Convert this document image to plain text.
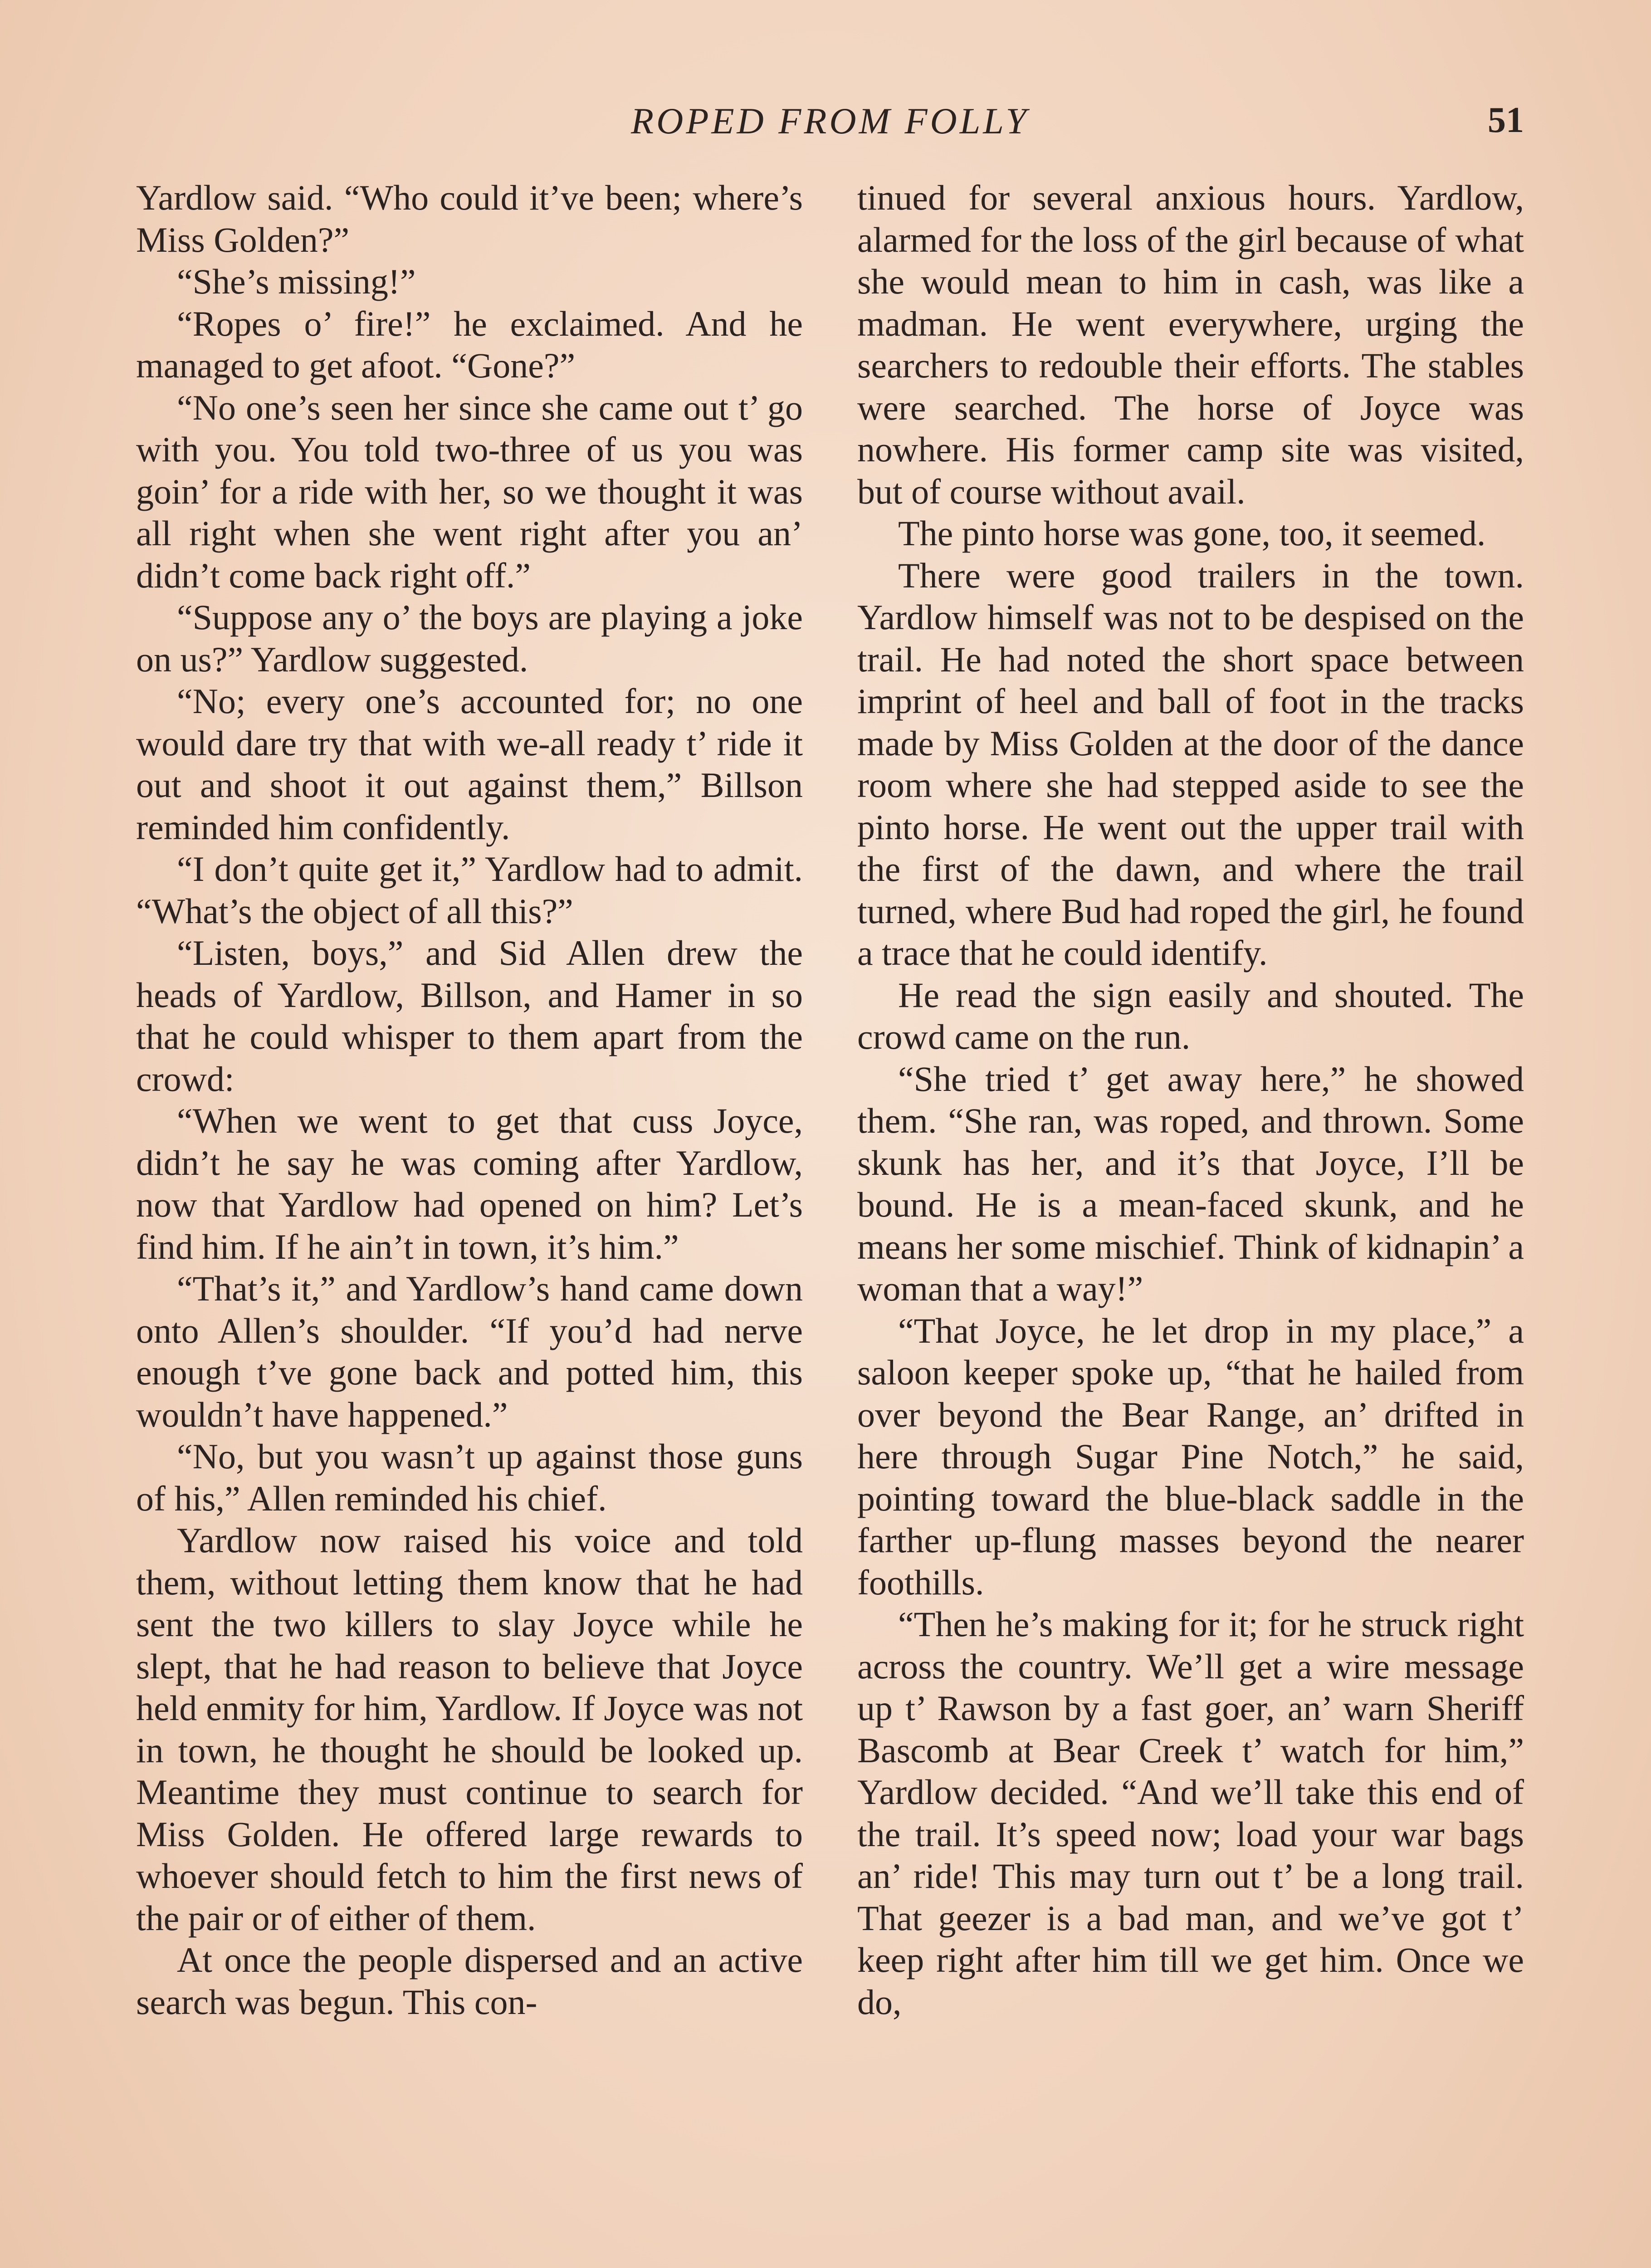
ROPED FROM FOLLY	51

Yardlow said. “Who could it’ve been; where’s Miss Golden?”

“She’s missing!”

“Ropes o’ fire!” he exclaimed. And he managed to get afoot. “Gone?”

“No one’s seen her since she came out t’ go with you. You told two-three of us you was goin’ for a ride with her, so we thought it was all right when she went right after you an’ didn’t come back right off.”

“Suppose any o’ the boys are playing a joke on us?” Yardlow suggested.

“No; every one’s accounted for; no one would dare try that with we-all ready t’ ride it out and shoot it out against them,” Billson reminded him confidently.

“I don’t quite get it,” Yardlow had to admit. “What’s the object of all this?”

“Listen, boys,” and Sid Allen drew the heads of Yardlow, Billson, and Hamer in so that he could whisper to them apart from the crowd:

“When we went to get that cuss Joyce, didn’t he say he was coming after Yardlow, now that Yardlow had opened on him? Let’s find him. If he ain’t in town, it’s him.”

“That’s it,” and Yardlow’s hand came down onto Allen’s shoulder. “If you’d had nerve enough t’ve gone back and potted him, this wouldn’t have happened.”

“No, but you wasn’t up against those guns of his,” Allen reminded his chief.

Yardlow now raised his voice and told them, without letting them know that he had sent the two killers to slay Joyce while he slept, that he had reason to believe that Joyce held enmity for him, Yardlow. If Joyce was not in town, he thought he should be looked up. Meantime they must continue to search for Miss Golden. He offered large rewards to whoever should fetch to him the first news of the pair or of either of them.

At once the people dispersed and an active search was begun. This con-

tinued for several anxious hours. Yardlow, alarmed for the loss of the girl because of what she would mean to him in cash, was like a madman. He went everywhere, urging the searchers to redouble their efforts. The stables were searched. The horse of Joyce was nowhere. His former camp site was visited, but of course without avail.

The pinto horse was gone, too, it seemed.

There were good trailers in the town. Yardlow himself was not to be despised on the trail. He had noted the short space between imprint of heel and ball of foot in the tracks made by Miss Golden at the door of the dance room where she had stepped aside to see the pinto horse. He went out the upper trail with the first of the dawn, and where the trail turned, where Bud had roped the girl, he found a trace that he could identify.

He read the sign easily and shouted. The crowd came on the run.

“She tried t’ get away here,” he showed them. “She ran, was roped, and thrown. Some skunk has her, and it’s that Joyce, I’ll be bound. He is a mean-faced skunk, and he means her some mischief. Think of kidnapin’ a woman that a way!”

“That Joyce, he let drop in my place,” a saloon keeper spoke up, “that he hailed from over beyond the Bear Range, an’ drifted in here through Sugar Pine Notch,” he said, pointing toward the blue-black saddle in the farther up-flung masses beyond the nearer foothills.

“Then he’s making for it; for he struck right across the country. We’ll get a wire message up t’ Rawson by a fast goer, an’ warn Sheriff Bascomb at Bear Creek t’ watch for him,” Yardlow decided. “And we’ll take this end of the trail. It’s speed now; load your war bags an’ ride! This may turn out t’ be a long trail. That geezer is a bad man, and we’ve got t’ keep right after him till we get him. Once we do,
